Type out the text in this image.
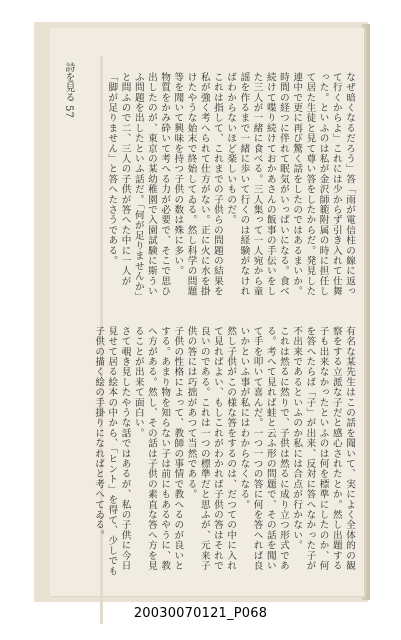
詩を見る 57	なぜ暗くなるだろう」答「雨が電信柱の線に返って行くからよ」これには少からず引き入れて仕舞った。といふのは私が金沢師範附属の時に担任して居た生徒と見て尊い答をしたからだ。発見した連中で更に再び驚く話をしたのではあるまいか。時間の経つに伴れて眠気がいっぱいになる。食べ続けて喋り続けておかあさんの飯事の手伝いをした三人が一緒に食べる。三人集って一人宛から童謡を作るまで一緒に歩いて行くのは経験がなければわからないほど楽しいものだ。これは指して、これまでの子供らの問題の結果を私が強く考へられて仕方がない。正に火に水を掛けたやうな始末で終始してゐる。然し科学の問題等を聞いて興味を持つ子供の数は殊に多い。物質をかみ砕いて考へる力が必要で、そこで思ひ出したのが、東京の某幼稚園で入園試験に斯ういふ問題を出したといふ話だ。「何が足りませんか」と問ふので二、三人の子供が答へた中に一人が「脚が足りません」と答へたさうである。
有名な某先生はこの話を聞いて、実によく全体的の観察をする立派な子だと感心されたとか。然し出題する子も出来なかったといふのは何を標準にしたのか、何を答へたらば「子」が出来、反対に答へなかった子が不出来であるといふのか私には合点が行かない。これは然るに然りで、子供は然るに成り立つ形式である。考へて見れば蛙と云ふ形の問題で、その話を聞いて手を叩いて喜んだ。一つ一つの答に何を答へれば良いかといふ事が私にはわからなくなる。然し子供がこの様な答をするのは、だつての中に入れて見ればよい、もしこれがわかれば子供の答はそれで良いのである。これは一つの標準だと思ふが、元来子供の答には巧拙があつて当然である。子供の性格によって、教師の事情で教へるのが良いとする。あまり物を知らない子は前にもあるやうに、教へ方がある。然し、その話は子供の素直な答へ方を見ることが出来て面白い。さて覗き見したやうな話ではあるが、私の子供に今日見せて居る絵本の中から、「ヒント」を得て、少しでも子供の描く絵の手掛りになればと考へてゐる。
20030070121_P068
